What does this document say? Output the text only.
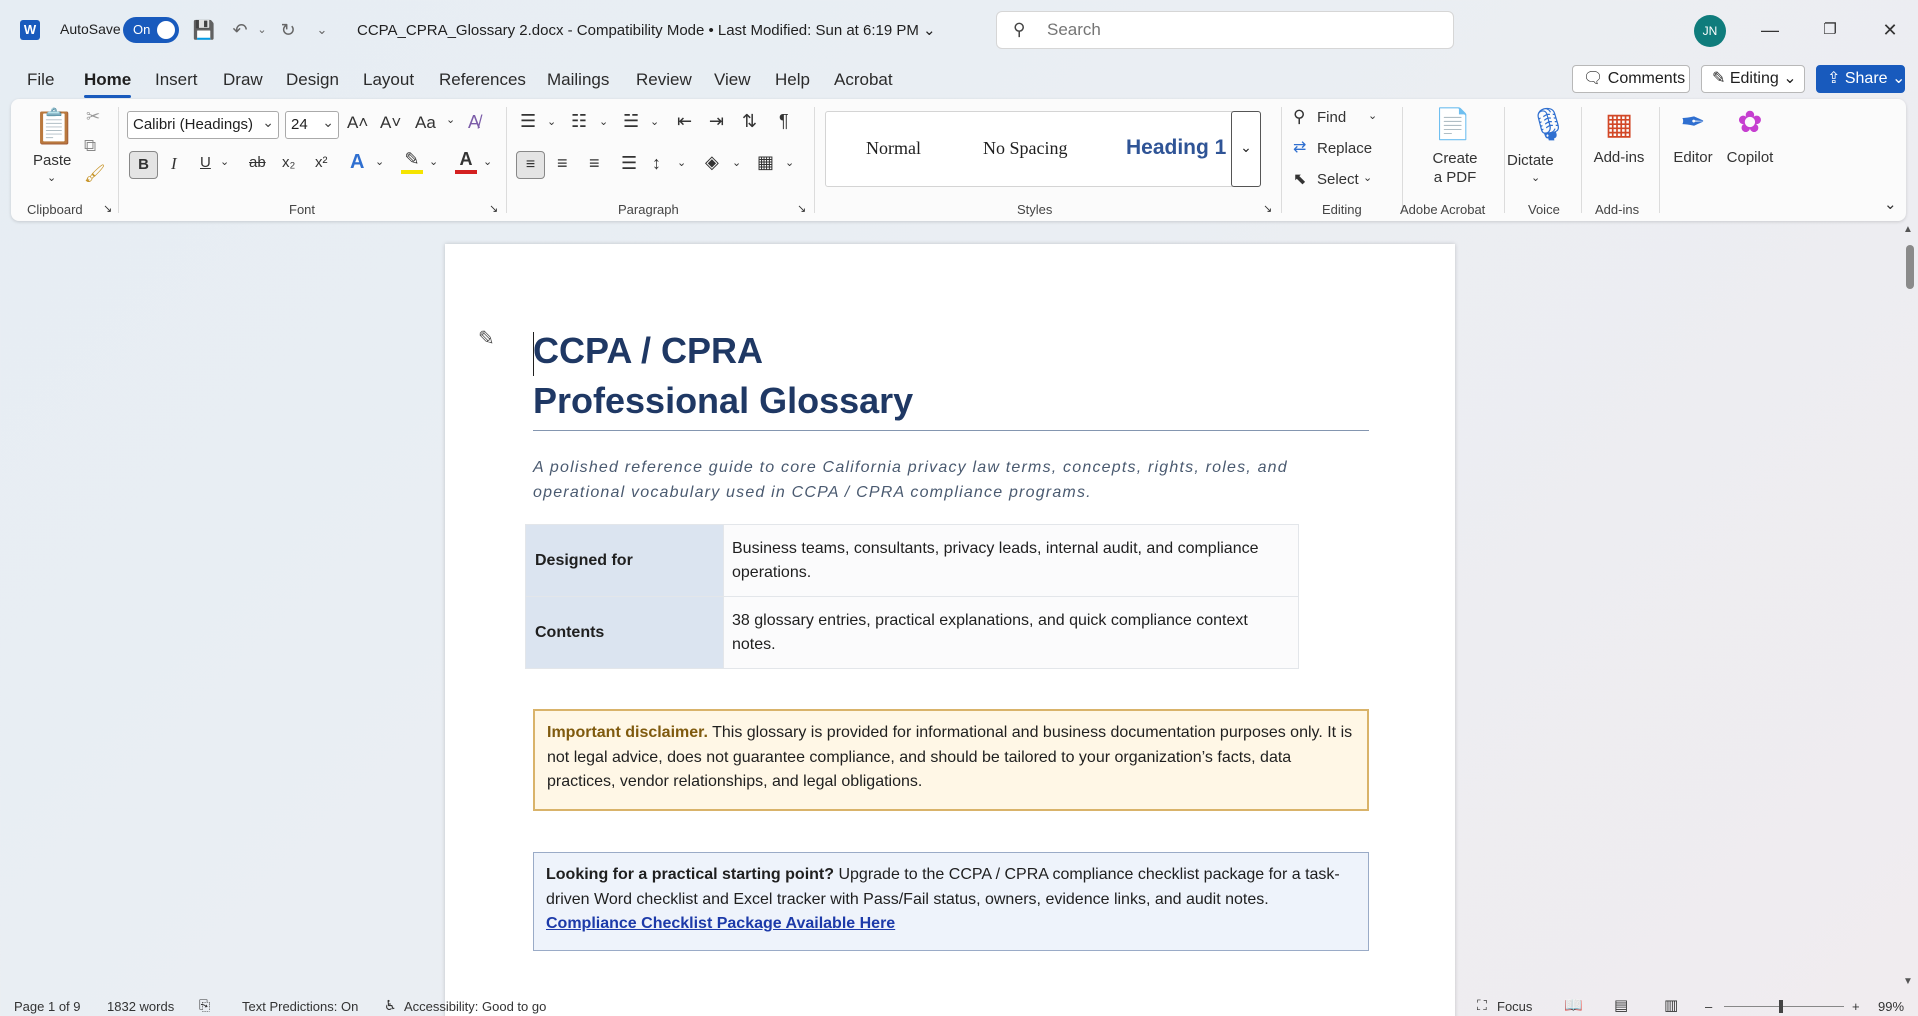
W AutoSave On 💾 ↶ ⌄ ↻	⌄	CCPA_CPRA_Glossary 2.docx - Compatibility Mode • Last Modified: Sun at 6:19 PM ⌄	⚲
Search	JN	—	❐	✕
File Home Insert Draw Design Layout References Mailings Review View Help Acrobat	🗨 Comments	✎ Editing ⌄	⇪ Share ⌄
📋
Paste
⌄
✂
⧉
🖌
Clipboard ↘
Calibri (Headings) ⌄	24 ⌄	A˄ A˅ Aa ⌄ A̸
B	I U ⌄ ab x₂ x² A ⌄ ✎ ⌄ A ⌄
Font	↘
☰ ⌄ ☷ ⌄ ☱ ⌄ ⇤ ⇥ ⇅ ¶
≡	≡ ≡ ☰ ↕ ⌄ ◈ ⌄ ▦ ⌄
Paragraph	↘
Normal	No Spacing	Heading 1 ⌄
Styles	↘
⚲ Find ⌄
⇄ Replace
⬉ Select ⌄
Editing
📄
Create
a PDF
Adobe Acrobat
🎙
Dictate
⌄
Voice
▦
Add-ins
Add-ins
✒
Editor
✿
Copilot
⌄
✎ CCPA / CPRA
Professional Glossary
A polished reference guide to core California privacy law terms, concepts, rights, roles, and operational vocabulary used in CCPA / CPRA compliance programs.
Designed for	Business teams, consultants, privacy leads, internal audit, and compliance operations.
Contents	38 glossary entries, practical explanations, and quick compliance context notes.
Important disclaimer. This glossary is provided for informational and business documentation purposes only. It is not legal advice, does not guarantee compliance, and should be tailored to your organization’s facts, data practices, vendor relationships, and legal obligations.
Looking for a practical starting point? Upgrade to the CCPA / CPRA compliance checklist package for a task-driven Word checklist and Excel tracker with Pass/Fail status, owners, evidence links, and audit notes.
Compliance Checklist Package Available Here
▲
▼
Page 1 of 9 1832 words ⎘ Text Predictions: On ♿ Accessibility: Good to go	⛶ Focus 📖 ▤ ▥ –	+ 99%
